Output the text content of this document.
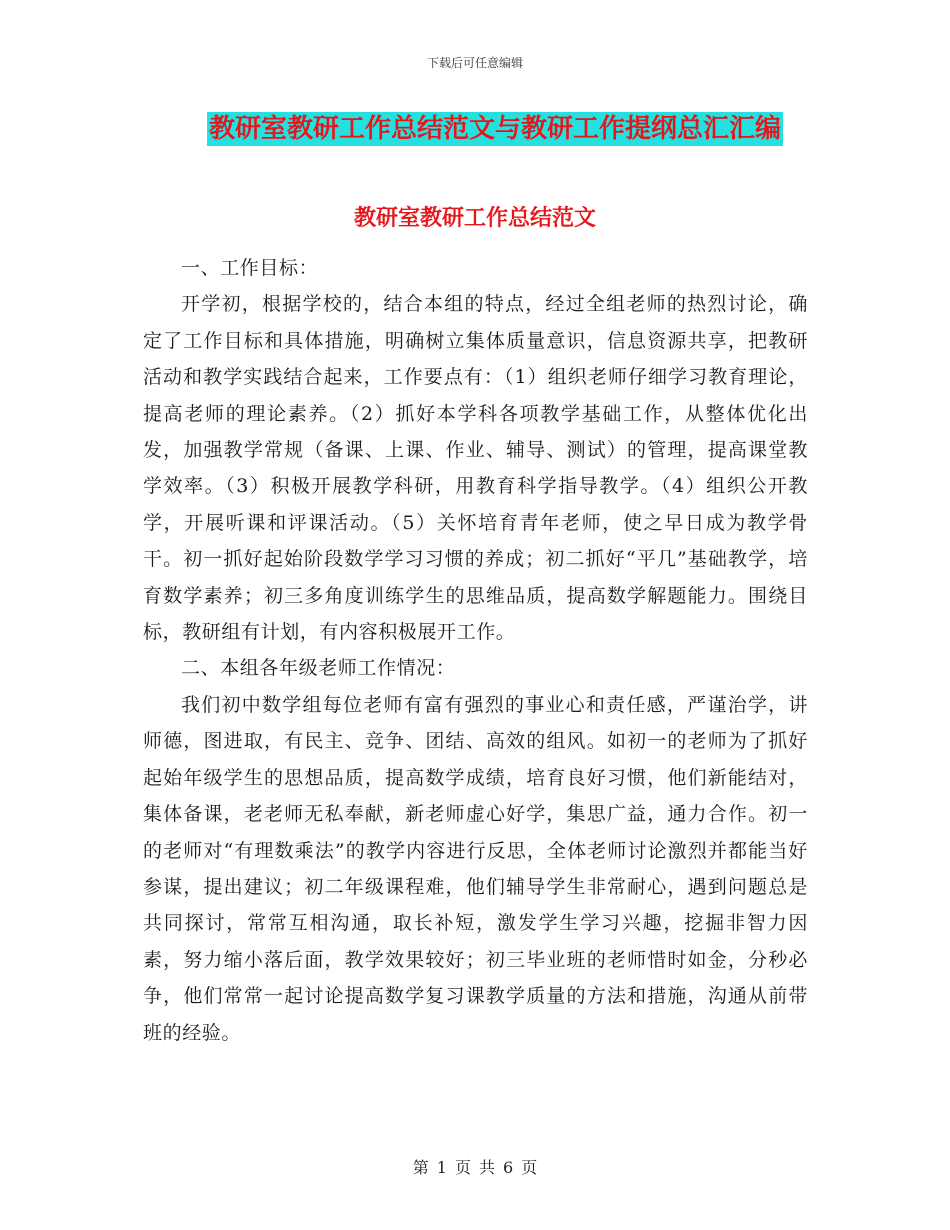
下载后可任意编辑
教研室教研工作总结范文与教研工作提纲总汇汇编
教研室教研工作总结范文

一、工作目标：

开学初，根据学校的，结合本组的特点，经过全组老师的热烈讨论，确定了工作目标和具体措施，明确树立集体质量意识，信息资源共享，把教研活动和教学实践结合起来，工作要点有：（1）组织老师仔细学习教育理论，提高老师的理论素养。（2）抓好本学科各项教学基础工作，从整体优化出发，加强教学常规（备课、上课、作业、辅导、测试）的管理，提高课堂教学效率。（3）积极开展教学科研，用教育科学指导教学。（4）组织公开教学，开展听课和评课活动。（5）关怀培育青年老师，使之早日成为教学骨干。初一抓好起始阶段数学学习习惯的养成；初二抓好“平几”基础教学，培育数学素养；初三多角度训练学生的思维品质，提高数学解题能力。围绕目标，教研组有计划，有内容积极展开工作。

二、本组各年级老师工作情况：

我们初中数学组每位老师有富有强烈的事业心和责任感，严谨治学，讲师德，图进取，有民主、竞争、团结、高效的组风。如初一的老师为了抓好起始年级学生的思想品质，提高数学成绩，培育良好习惯，他们新能结对，集体备课，老老师无私奉献，新老师虚心好学，集思广益，通力合作。初一的老师对“有理数乘法”的教学内容进行反思，全体老师讨论激烈并都能当好参谋，提出建议；初二年级课程难，他们辅导学生非常耐心，遇到问题总是共同探讨，常常互相沟通，取长补短，激发学生学习兴趣，挖掘非智力因素，努力缩小落后面，教学效果较好；初三毕业班的老师惜时如金，分秒必争，他们常常一起讨论提高数学复习课教学质量的方法和措施，沟通从前带班的经验。

第 1 页 共 6 页
